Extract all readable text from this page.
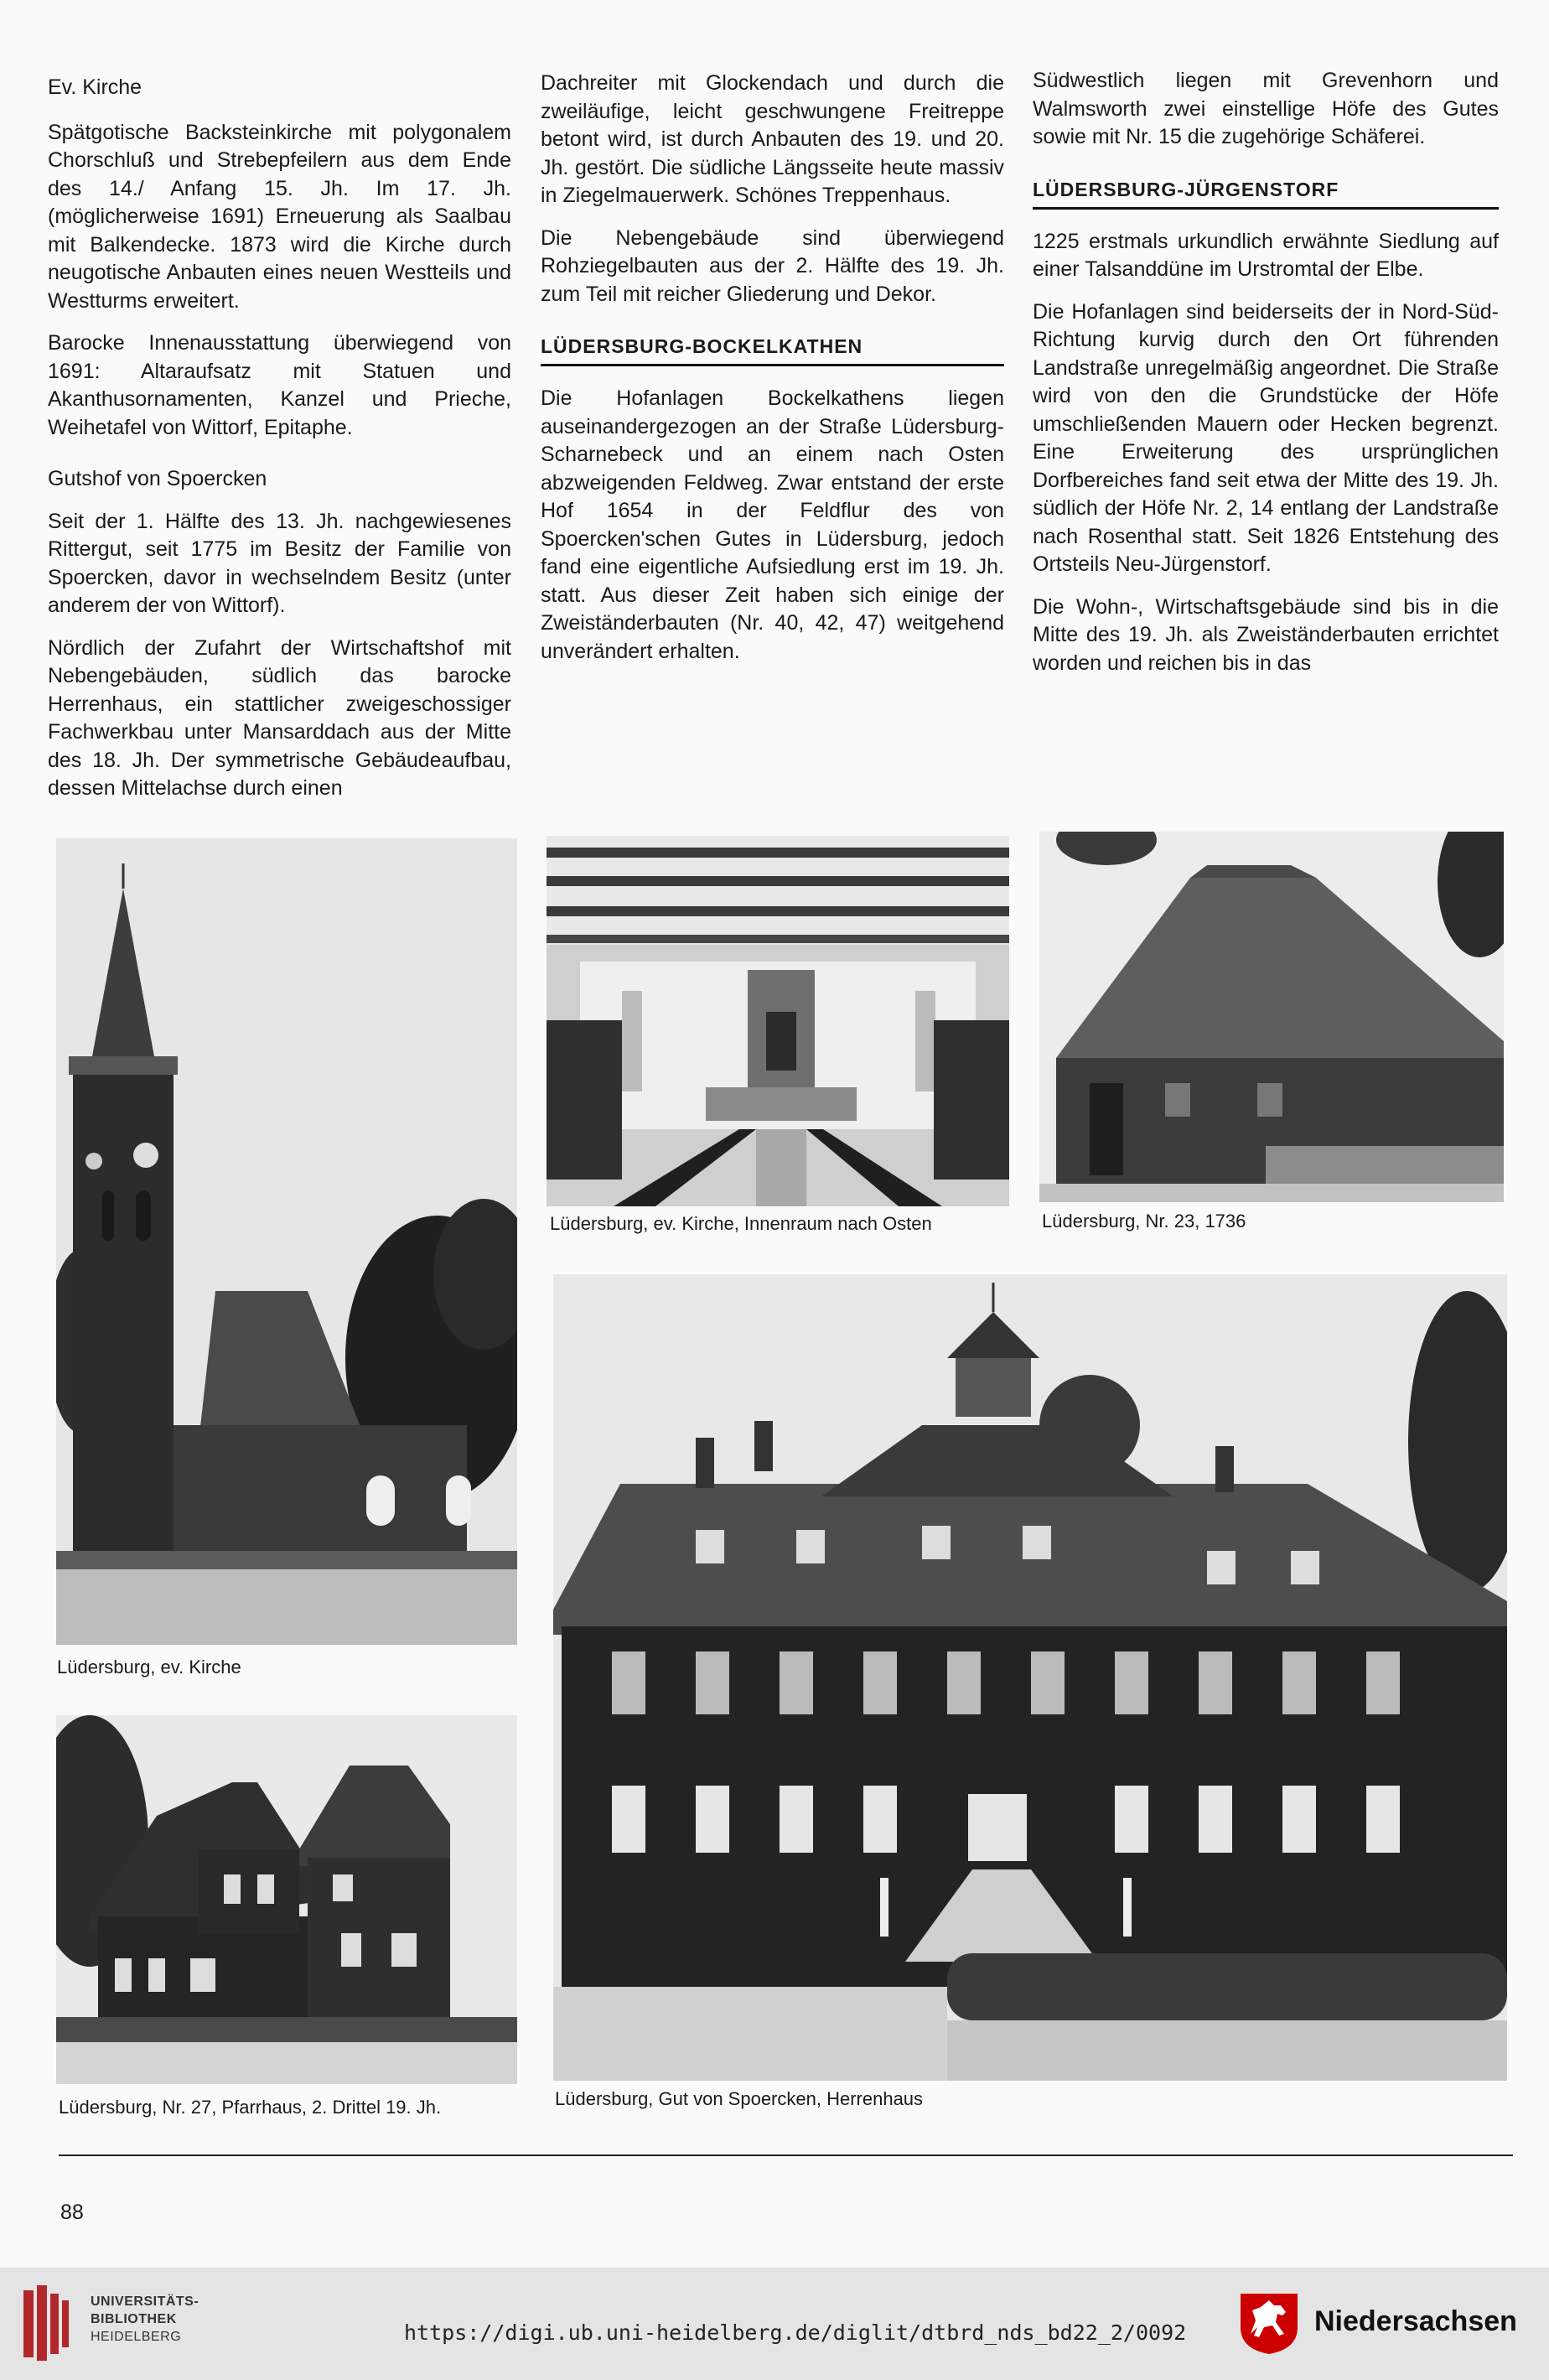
Ev. Kirche

Spätgotische Backsteinkirche mit polygonalem Chorschluß und Strebepfeilern aus dem Ende des 14./ Anfang 15. Jh. Im 17. Jh. (möglicherweise 1691) Erneuerung als Saalbau mit Balkendecke. 1873 wird die Kirche durch neugotische Anbauten eines neuen Westteils und Westturms erweitert.

Barocke Innenausstattung überwiegend von 1691: Altaraufsatz mit Statuen und Akanthusornamenten, Kanzel und Prieche, Weihetafel von Wittorf, Epitaphe.

Gutshof von Spoercken

Seit der 1. Hälfte des 13. Jh. nachgewiesenes Rittergut, seit 1775 im Besitz der Familie von Spoercken, davor in wechselndem Besitz (unter anderem der von Wittorf).

Nördlich der Zufahrt der Wirtschaftshof mit Nebengebäuden, südlich das barocke Herrenhaus, ein stattlicher zweigeschossiger Fachwerkbau unter Mansarddach aus der Mitte des 18. Jh. Der symmetrische Gebäudeaufbau, dessen Mittelachse durch einen

Dachreiter mit Glockendach und durch die zweiläufige, leicht geschwungene Freitreppe betont wird, ist durch Anbauten des 19. und 20. Jh. gestört. Die südliche Längsseite heute massiv in Ziegelmauerwerk. Schönes Treppenhaus.

Die Nebengebäude sind überwiegend Rohziegelbauten aus der 2. Hälfte des 19. Jh. zum Teil mit reicher Gliederung und Dekor.

LÜDERSBURG-BOCKELKATHEN

Die Hofanlagen Bockelkathens liegen auseinandergezogen an der Straße Lüdersburg-Scharnebeck und an einem nach Osten abzweigenden Feldweg. Zwar entstand der erste Hof 1654 in der Feldflur des von Spoercken'schen Gutes in Lüdersburg, jedoch fand eine eigentliche Aufsiedlung erst im 19. Jh. statt. Aus dieser Zeit haben sich einige der Zweiständerbauten (Nr. 40, 42, 47) weitgehend unverändert erhalten.

Südwestlich liegen mit Grevenhorn und Walmsworth zwei einstellige Höfe des Gutes sowie mit Nr. 15 die zugehörige Schäferei.

LÜDERSBURG-JÜRGENSTORF

1225 erstmals urkundlich erwähnte Siedlung auf einer Talsanddüne im Urstromtal der Elbe.

Die Hofanlagen sind beiderseits der in Nord-Süd-Richtung kurvig durch den Ort führenden Landstraße unregelmäßig angeordnet. Die Straße wird von den die Grundstücke der Höfe umschließenden Mauern oder Hecken begrenzt. Eine Erweiterung des ursprünglichen Dorfbereiches fand seit etwa der Mitte des 19. Jh. südlich der Höfe Nr. 2, 14 entlang der Landstraße nach Rosenthal statt. Seit 1826 Entstehung des Ortsteils Neu-Jürgenstorf.

Die Wohn-, Wirtschaftsgebäude sind bis in die Mitte des 19. Jh. als Zweiständerbauten errichtet worden und reichen bis in das

Lüdersburg, ev. Kirche
Lüdersburg, ev. Kirche, Innenraum nach Osten	Lüdersburg, Nr. 23, 1736
Lüdersburg, Nr. 27, Pfarrhaus, 2. Drittel 19. Jh.	Lüdersburg, Gut von Spoercken, Herrenhaus
88
UNIVERSITÄTS-
BIBLIOTHEK
HEIDELBERG	https://digi.ub.uni-heidelberg.de/diglit/dtbrd_nds_bd22_2/0092	Niedersachsen
